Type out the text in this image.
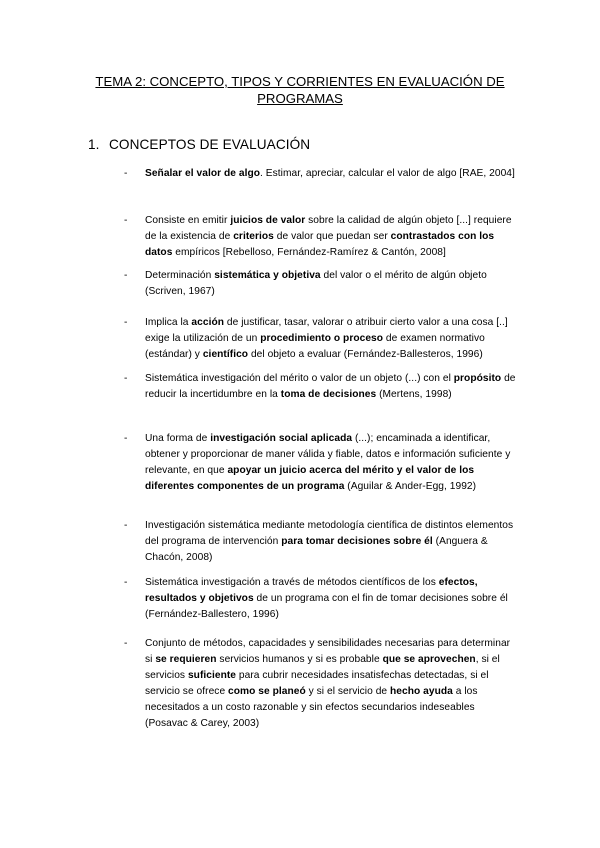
TEMA 2: CONCEPTO, TIPOS Y CORRIENTES EN EVALUACIÓN DE
PROGRAMAS
1. CONCEPTOS DE EVALUACIÓN
- Señalar el valor de algo. Estimar, apreciar, calcular el valor de algo [RAE, 2004]
- Consiste en emitir juicios de valor sobre la calidad de algún objeto [...] requiere de la existencia de criterios de valor que puedan ser contrastados con los datos empíricos [Rebelloso, Fernández-Ramírez & Cantón, 2008]
- Determinación sistemática y objetiva del valor o el mérito de algún objeto (Scriven, 1967)
- Implica la acción de justificar, tasar, valorar o atribuir cierto valor a una cosa [..] exige la utilización de un procedimiento o proceso de examen normativo (estándar) y científico del objeto a evaluar (Fernández-Ballesteros, 1996)
- Sistemática investigación del mérito o valor de un objeto (...) con el propósito de reducir la incertidumbre en la toma de decisiones (Mertens, 1998)
- Una forma de investigación social aplicada (...); encaminada a identificar, obtener y proporcionar de maner válida y fiable, datos e información suficiente y relevante, en que apoyar un juicio acerca del mérito y el valor de los diferentes componentes de un programa (Aguilar & Ander-Egg, 1992)
- Investigación sistemática mediante metodología científica de distintos elementos del programa de intervención para tomar decisiones sobre él (Anguera & Chacón, 2008)
- Sistemática investigación a través de métodos científicos de los efectos, resultados y objetivos de un programa con el fin de tomar decisiones sobre él (Fernández-Ballestero, 1996)
- Conjunto de métodos, capacidades y sensibilidades necesarias para determinar si se requieren servicios humanos y si es probable que se aprovechen, si el servicios suficiente para cubrir necesidades insatisfechas detectadas, si el servicio se ofrece como se planeó y si el servicio de hecho ayuda a los necesitados a un costo razonable y sin efectos secundarios indeseables (Posavac & Carey, 2003)
